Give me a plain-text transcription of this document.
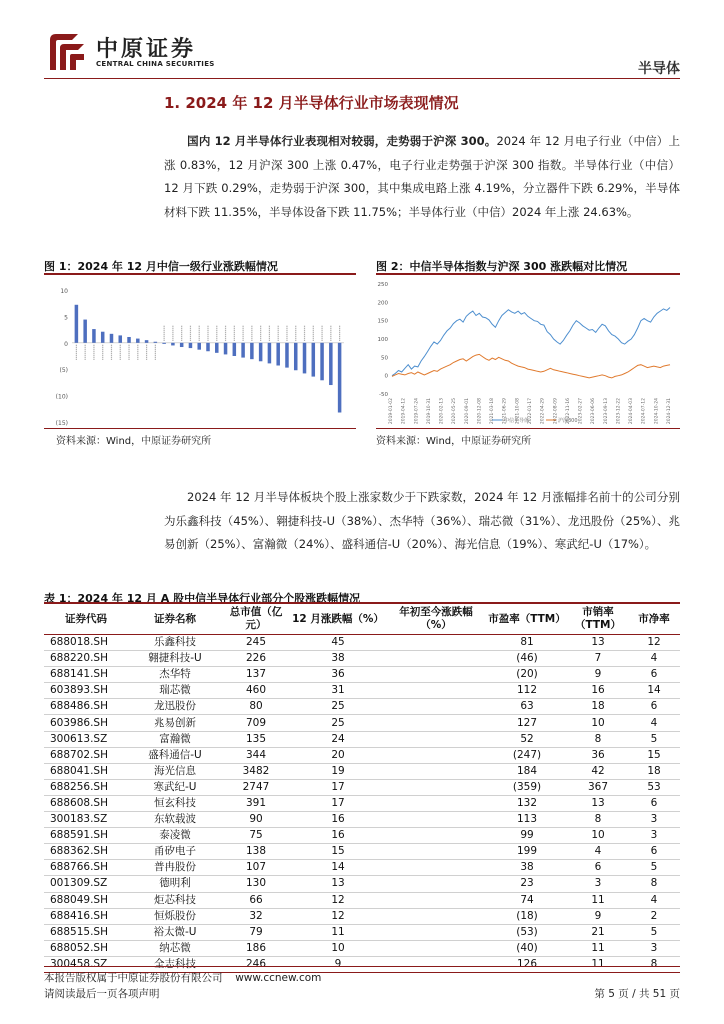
中原证券
CENTRAL CHINA SECURITIES	半导体
1. 2024 年 12 月半导体行业市场表现情况
国内 12 月半导体行业表现相对较弱，走势弱于沪深 300。2024 年 12 月电子行业（中信）上涨 0.83%，12 月沪深 300 上涨 0.47%，电子行业走势强于沪深 300 指数。半导体行业（中信）12 月下跌 0.29%，走势弱于沪深 300，其中集成电路上涨 4.19%，分立器件下跌 6.29%，半导体材料下跌 11.35%，半导体设备下跌 11.75%；半导体行业（中信）2024 年上涨 24.63%。
图 1：2024 年 12 月中信一级行业涨跌幅情况
10
5
0
(5)
(10)
(15)
资料来源：Wind，中原证券研究所
图 2：中信半导体指数与沪深 300 涨跌幅对比情况
250
200
150
100
50
0
-50
2019-01-02 2019-04-12 2019-07-24 2019-10-31 2020-02-13 2020-05-25 2020-09-01 2020-12-08 2021-03-18 2021-06-29 2021-10-08 2022-01-17 2022-04-29 2022-08-09 2022-11-16 2023-02-27 2023-06-06 2023-09-13 2023-12-22 2024-04-03 2024-07-12 2024-10-24 2024-12-31
中信半导体	沪深300
资料来源：Wind，中原证券研究所
2024 年 12 月半导体板块个股上涨家数少于下跌家数，2024 年 12 月涨幅排名前十的公司分别为乐鑫科技（45%）、翱捷科技-U（38%）、杰华特（36%）、瑞芯微（31%）、龙迅股份（25%）、兆易创新（25%）、富瀚微（24%）、盛科通信-U（20%）、海光信息（19%）、寒武纪-U（17%）。
表 1：2024 年 12 月 A 股中信半导体行业部分个股涨跌幅情况
证券代码	证券名称	总市值（亿元）	12 月涨跌幅（%）	年初至今涨跌幅（%）	市盈率（TTM）	市销率（TTM）	市净率
688018.SH	乐鑫科技	245	45		81	13	12
688220.SH	翱捷科技-U	226	38		(46)	7	4
688141.SH	杰华特	137	36		(20)	9	6
603893.SH	瑞芯微	460	31		112	16	14
688486.SH	龙迅股份	80	25		63	18	6
603986.SH	兆易创新	709	25		127	10	4
300613.SZ	富瀚微	135	24		52	8	5
688702.SH	盛科通信-U	344	20		(247)	36	15
688041.SH	海光信息	3482	19		184	42	18
688256.SH	寒武纪-U	2747	17		(359)	367	53
688608.SH	恒玄科技	391	17		132	13	6
300183.SZ	东软载波	90	16		113	8	3
688591.SH	泰凌微	75	16		99	10	3
688362.SH	甬矽电子	138	15		199	4	6
688766.SH	普冉股份	107	14		38	6	5
001309.SZ	德明利	130	13		23	3	8
688049.SH	炬芯科技	66	12		74	11	4
688416.SH	恒烁股份	32	12		(18)	9	2
688515.SH	裕太微-U	79	11		(53)	21	5
688052.SH	纳芯微	186	10		(40)	11	3
300458.SZ	全志科技	246	9		126	11	8
本报告版权属于中原证券股份有限公司 www.ccnew.com
请阅读最后一页各项声明	第 5 页 / 共 51 页
